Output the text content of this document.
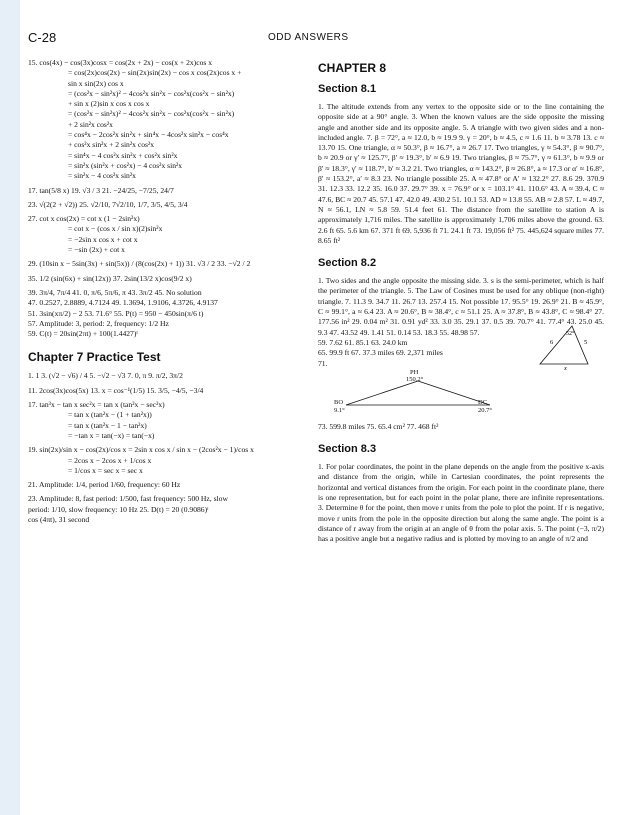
C-28	ODD ANSWERS
15. cos(4x) − cos(3x)cosx = cos(2x + 2x) − cos(x + 2x)cos x
= cos(2x)cos(2x) − sin(2x)sin(2x) − cos x cos(2x)cos x +
sin x sin(2x) cos x
= (cos²x − sin²x)² − 4cos²x sin²x − cos²x(cos²x − sin²x)
+ sin x (2)sin x cos x cos x
= (cos²x − sin²x)² − 4cos²x sin²x − cos²x(cos²x − sin²x)
+ 2 sin²x cos²x
= cos⁴x − 2cos²x sin²x + sin⁴x − 4cos²x sin²x − cos⁴x
+ cos²x sin²x + 2 sin²x cos²x
= sin⁴x − 4 cos²x sin²x + cos²x sin²x
= sin²x (sin²x + cos²x) − 4 cos²x sin²x
= sin²x − 4 cos²x sin²x
17. tan(5/8 x) 19. √3 / 3 21. −24/25, −7/25, 24/7
23. √(2(2 + √2)) 25. √2/10, 7√2/10, 1/7, 3/5, 4/5, 3/4
27. cot x cos(2x) = cot x (1 − 2sin²x)
= cot x − (cos x / sin x)(2)sin²x
= −2sin x cos x + cot x
= −sin (2x) + cot x
29. (10sin x − 5sin(3x) + sin(5x)) / (8(cos(2x) + 1)) 31. √3 / 2 33. −√2 / 2
35. 1/2 (sin(6x) + sin(12x)) 37. 2sin(13/2 x)cos(9/2 x)
39. 3π/4, 7π/4 41. 0, π/6, 5π/6, π 43. 3π/2 45. No solution
47. 0.2527, 2.8889, 4.7124 49. 1.3694, 1.9106, 4.3726, 4.9137
51. 3sin(xπ/2) − 2 53. 71.6° 55. P(t) = 950 − 450sin(π/6 t)
57. Amplitude: 3, period: 2, frequency: 1/2 Hz
59. C(t) = 20sin(2πt) + 100(1.4427)ᵗ
Chapter 7 Practice Test
1. 1 3. (√2 − √6) / 4 5. −√2 − √3 7. 0, π 9. π/2, 3π/2
11. 2cos(3x)cos(5x) 13. x = cos⁻¹(1/5) 15. 3/5, −4/5, −3/4
17. tan³x − tan x sec²x = tan x (tan²x − sec²x)
= tan x (tan²x − (1 + tan²x))
= tan x (tan²x − 1 − tan²x)
= −tan x = tan(−x) = tan(−x)
19. sin(2x)/sin x − cos(2x)/cos x = 2sin x cos x / sin x − (2cos²x − 1)/cos x
= 2cos x − 2cos x + 1/cos x
= 1/cos x = sec x = sec x
21. Amplitude: 1/4, period 1/60, frequency: 60 Hz
23. Amplitude: 8, fast period: 1/500, fast frequency: 500 Hz, slow
period: 1/10, slow frequency: 10 Hz 25. D(t) = 20 (0.9086)ᵗ
cos (4πt), 31 second
CHAPTER 8
Section 8.1
1. The altitude extends from any vertex to the opposite side or to the line containing the opposite side at a 90° angle. 3. When the known values are the side opposite the missing angle and another side and its opposite angle. 5. A triangle with two given sides and a non-included angle. 7. β = 72°, a ≈ 12.0, b ≈ 19.9 9. γ = 20°, b ≈ 4.5, c ≈ 1.6 11. b ≈ 3.78 13. c ≈ 13.70 15. One triangle, α ≈ 50.3°, β ≈ 16.7°, a ≈ 26.7 17. Two triangles, γ ≈ 54.3°, β ≈ 90.7°, b ≈ 20.9 or γ′ ≈ 125.7°, β′ ≈ 19.3°, b′ ≈ 6.9 19. Two triangles, β ≈ 75.7°, γ ≈ 61.3°, b ≈ 9.9 or β′ ≈ 18.3°, γ′ ≈ 118.7°, b′ ≈ 3.2 21. Two triangles, α ≈ 143.2°, β ≈ 26.8°, a ≈ 17.3 or α′ ≈ 16.8°, β′ ≈ 153.2°, a′ ≈ 8.3 23. No triangle possible 25. A ≈ 47.8° or A′ ≈ 132.2° 27. 8.6 29. 370.9 31. 12.3 33. 12.2 35. 16.0 37. 29.7° 39. x = 76.9° or x = 103.1° 41. 110.6° 43. A ≈ 39.4, C ≈ 47.6, BC ≈ 20.7 45. 57.1 47. 42.0 49. 430.2 51. 10.1 53. AD ≈ 13.8 55. AB ≈ 2.8 57. L ≈ 49.7, N ≈ 56.1, LN ≈ 5.8 59. 51.4 feet 61. The distance from the satellite to station A is approximately 1,716 miles. The satellite is approximately 1,706 miles above the ground. 63. 2.6 ft 65. 5.6 km 67. 371 ft 69. 5,936 ft 71. 24.1 ft 73. 19,056 ft² 75. 445,624 square miles 77. 8.65 ft²
Section 8.2
1. Two sides and the angle opposite the missing side. 3. s is the semi-perimeter, which is half the perimeter of the triangle. 5. The Law of Cosines must be used for any oblique (non-right) triangle. 7. 11.3 9. 34.7 11. 26.7 13. 257.4 15. Not possible 17. 95.5° 19. 26.9° 21. B ≈ 45.9°, C ≈ 99.1°, a ≈ 6.4 23. A ≈ 20.6°, B ≈ 38.4°, c ≈ 51.1 25. A ≈ 37.8°, B ≈ 43.8°, C ≈ 98.4° 27. 177.56 in² 29. 0.04 m² 31. 0.91 yd² 33. 3.0 35. 29.1 37. 0.5 39. 70.7° 41. 77.4° 43. 25.0 45. 9.3 47. 43.52 49. 1.41 51. 0.14 53. 18.3 55. 48.98 57.
59. 7.62 61. 85.1 63. 24.0 km
65. 99.9 ft 67. 37.3 miles 69. 2,371 miles
6	5
52°
x
71.
PH
150.2°
BO
9.1°
DC
20.7°
73. 599.8 miles 75. 65.4 cm² 77. 468 ft²
Section 8.3
1. For polar coordinates, the point in the plane depends on the angle from the positive x-axis and distance from the origin, while in Cartesian coordinates, the point represents the horizontal and vertical distances from the origin. For each point in the coordinate plane, there is one representation, but for each point in the polar plane, there are infinite representations. 3. Determine θ for the point, then move r units from the pole to plot the point. If r is negative, move r units from the pole in the opposite direction but along the same angle. The point is a distance of r away from the origin at an angle of θ from the polar axis. 5. The point (−3, π/2) has a positive angle but a negative radius and is plotted by moving to an angle of π/2 and
